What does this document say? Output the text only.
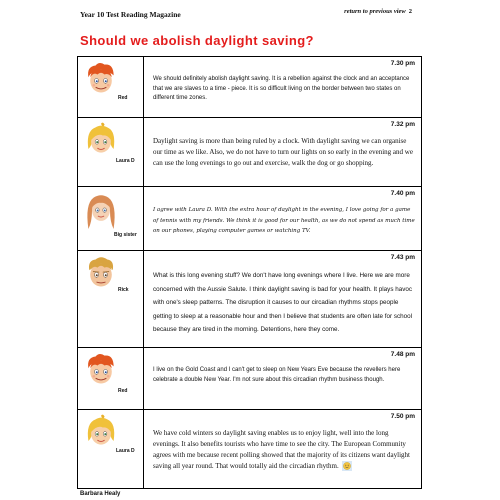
Year 10 Test Reading Magazine	return to previous view 2
Should we abolish daylight saving?
Red
7.30 pm

We should definitely abolish daylight saving. It is a rebellion against the clock and an acceptance that we are slaves to a time - piece. It is so difficult living on the border between two states on different time zones.

Laura D
7.32 pm

Daylight saving is more than being ruled by a clock. With daylight saving we can organise our time as we like. Also, we do not have to turn our lights on so early in the evening and we can use the long evenings to go out and exercise, walk the dog or go shopping.

Big sister
7.40 pm

I agree with Laura D. With the extra hour of daylight in the evening, I love going for a game of tennis with my friends. We think it is good for our health, as we do not spend as much time on our phones, playing computer games or watching TV.

Rick
7.43 pm

What is this long evening stuff? We don't have long evenings where I live. Here we are more concerned with the Aussie Salute. I think daylight saving is bad for your health. It plays havoc with one's sleep patterns. The disruption it causes to our circadian rhythms stops people getting to sleep at a reasonable hour and then I believe that students are often late for school because they are tired in the morning. Detentions, here they come.

Red
7.48 pm

I live on the Gold Coast and I can't get to sleep on New Years Eve because the revellers here celebrate a double New Year. I'm not sure about this circadian rhythm business though.

Laura D
7.50 pm

We have cold winters so daylight saving enables us to enjoy light, well into the long evenings. It also benefits tourists who have time to see the city. The European Community agrees with me because recent polling showed that the majority of its citizens want daylight saving all year round. That would totally aid the circadian rhythm.

Barbara Healy
